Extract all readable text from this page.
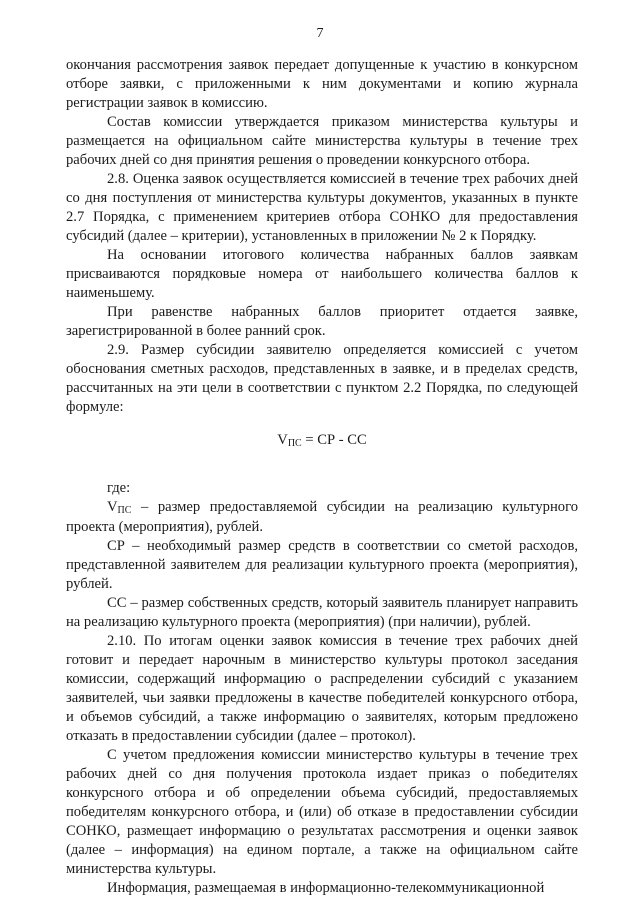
7

окончания рассмотрения заявок передает допущенные к участию в конкурсном отборе заявки, с приложенными к ним документами и копию журнала регистрации заявок в комиссию.

Состав комиссии утверждается приказом министерства культуры и размещается на официальном сайте министерства культуры в течение трех рабочих дней со дня принятия решения о проведении конкурсного отбора.

2.8. Оценка заявок осуществляется комиссией в течение трех рабочих дней со дня поступления от министерства культуры документов, указанных в пункте 2.7 Порядка, с применением критериев отбора СОНКО для предоставления субсидий (далее – критерии), установленных в приложении № 2 к Порядку.

На основании итогового количества набранных баллов заявкам присваиваются порядковые номера от наибольшего количества баллов к наименьшему.

При равенстве набранных баллов приоритет отдается заявке, зарегистрированной в более ранний срок.

2.9. Размер субсидии заявителю определяется комиссией с учетом обоснования сметных расходов, представленных в заявке, и в пределах средств, рассчитанных на эти цели в соответствии с пунктом 2.2 Порядка, по следующей формуле:

$V_{ПС}$ = СР - СС

где:

$V_{ПС}$ – размер предоставляемой субсидии на реализацию культурного проекта (мероприятия), рублей.

СР – необходимый размер средств в соответствии со сметой расходов, представленной заявителем для реализации культурного проекта (мероприятия), рублей.

СС – размер собственных средств, который заявитель планирует направить на реализацию культурного проекта (мероприятия) (при наличии), рублей.

2.10. По итогам оценки заявок комиссия в течение трех рабочих дней готовит и передает нарочным в министерство культуры протокол заседания комиссии, содержащий информацию о распределении субсидий с указанием заявителей, чьи заявки предложены в качестве победителей конкурсного отбора, и объемов субсидий, а также информацию о заявителях, которым предложено отказать в предоставлении субсидии (далее – протокол).

С учетом предложения комиссии министерство культуры в течение трех рабочих дней со дня получения протокола издает приказ о победителях конкурсного отбора и об определении объема субсидий, предоставляемых победителям конкурсного отбора, и (или) об отказе в предоставлении субсидии СОНКО, размещает информацию о результатах рассмотрения и оценки заявок (далее – информация) на едином портале, а также на официальном сайте министерства культуры.

Информация, размещаемая в информационно-телекоммуникационной
